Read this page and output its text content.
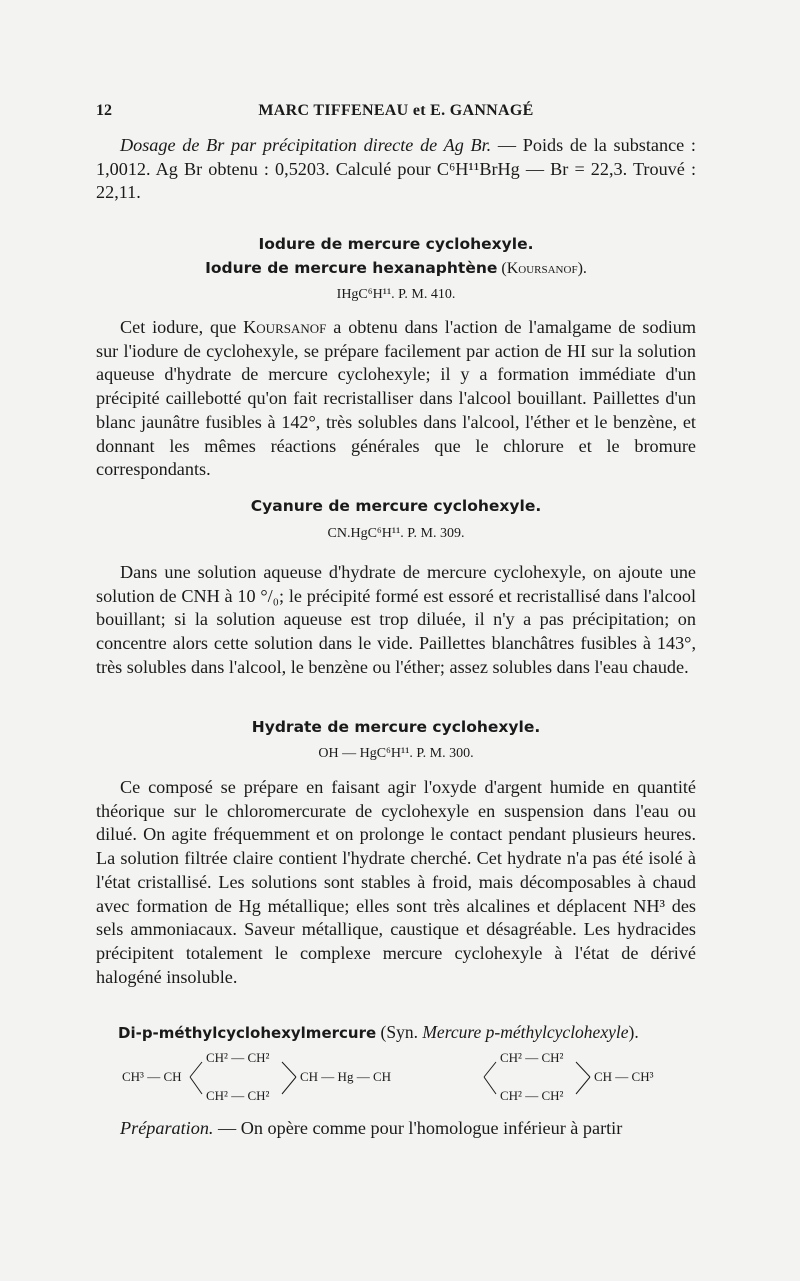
12	MARC TIFFENEAU et E. GANNAGÉ

Dosage de Br par précipitation directe de Ag Br. — Poids de la substance : 1,0012. Ag Br obtenu : 0,5203. Calculé pour C⁶H¹¹BrHg — Br = 22,3. Trouvé : 22,11.

Iodure de mercure cyclohexyle.

Iodure de mercure hexanaphtène (Koursanof).

IHgC⁶H¹¹. P. M. 410.

Cet iodure, que Koursanof a obtenu dans l'action de l'amalgame de sodium sur l'iodure de cyclohexyle, se prépare facilement par action de HI sur la solution aqueuse d'hydrate de mercure cyclohexyle; il y a formation immédiate d'un précipité caillebotté qu'on fait recristalliser dans l'alcool bouillant. Paillettes d'un blanc jaunâtre fusibles à 142°, très solubles dans l'alcool, l'éther et le benzène, et donnant les mêmes réactions générales que le chlorure et le bromure correspondants.

Cyanure de mercure cyclohexyle.

CN.HgC⁶H¹¹. P. M. 309.

Dans une solution aqueuse d'hydrate de mercure cyclohexyle, on ajoute une solution de CNH à 10 °/₀; le précipité formé est essoré et recristallisé dans l'alcool bouillant; si la solution aqueuse est trop diluée, il n'y a pas précipitation; on concentre alors cette solution dans le vide. Paillettes blanchâtres fusibles à 143°, très solubles dans l'alcool, le benzène ou l'éther; assez solubles dans l'eau chaude.

Hydrate de mercure cyclohexyle.

OH — HgC⁶H¹¹. P. M. 300.

Ce composé se prépare en faisant agir l'oxyde d'argent humide en quantité théorique sur le chloromercurate de cyclohexyle en suspension dans l'eau ou dilué. On agite fréquemment et on prolonge le contact pendant plusieurs heures. La solution filtrée claire contient l'hydrate cherché. Cet hydrate n'a pas été isolé à l'état cristallisé. Les solutions sont stables à froid, mais décomposables à chaud avec formation de Hg métallique; elles sont très alcalines et déplacent NH³ des sels ammoniacaux. Saveur métallique, caustique et désagréable. Les hydracides précipitent totalement le complexe mercure cyclohexyle à l'état de dérivé halogéné insoluble.

Di-p-méthylcyclohexylmercure (Syn. Mercure p-méthylcyclohexyle).

CH³ — CH
CH² — CH²
CH² — CH²
CH — Hg — CH
CH² — CH²
CH² — CH²
CH — CH³

Préparation. — On opère comme pour l'homologue inférieur à partir
